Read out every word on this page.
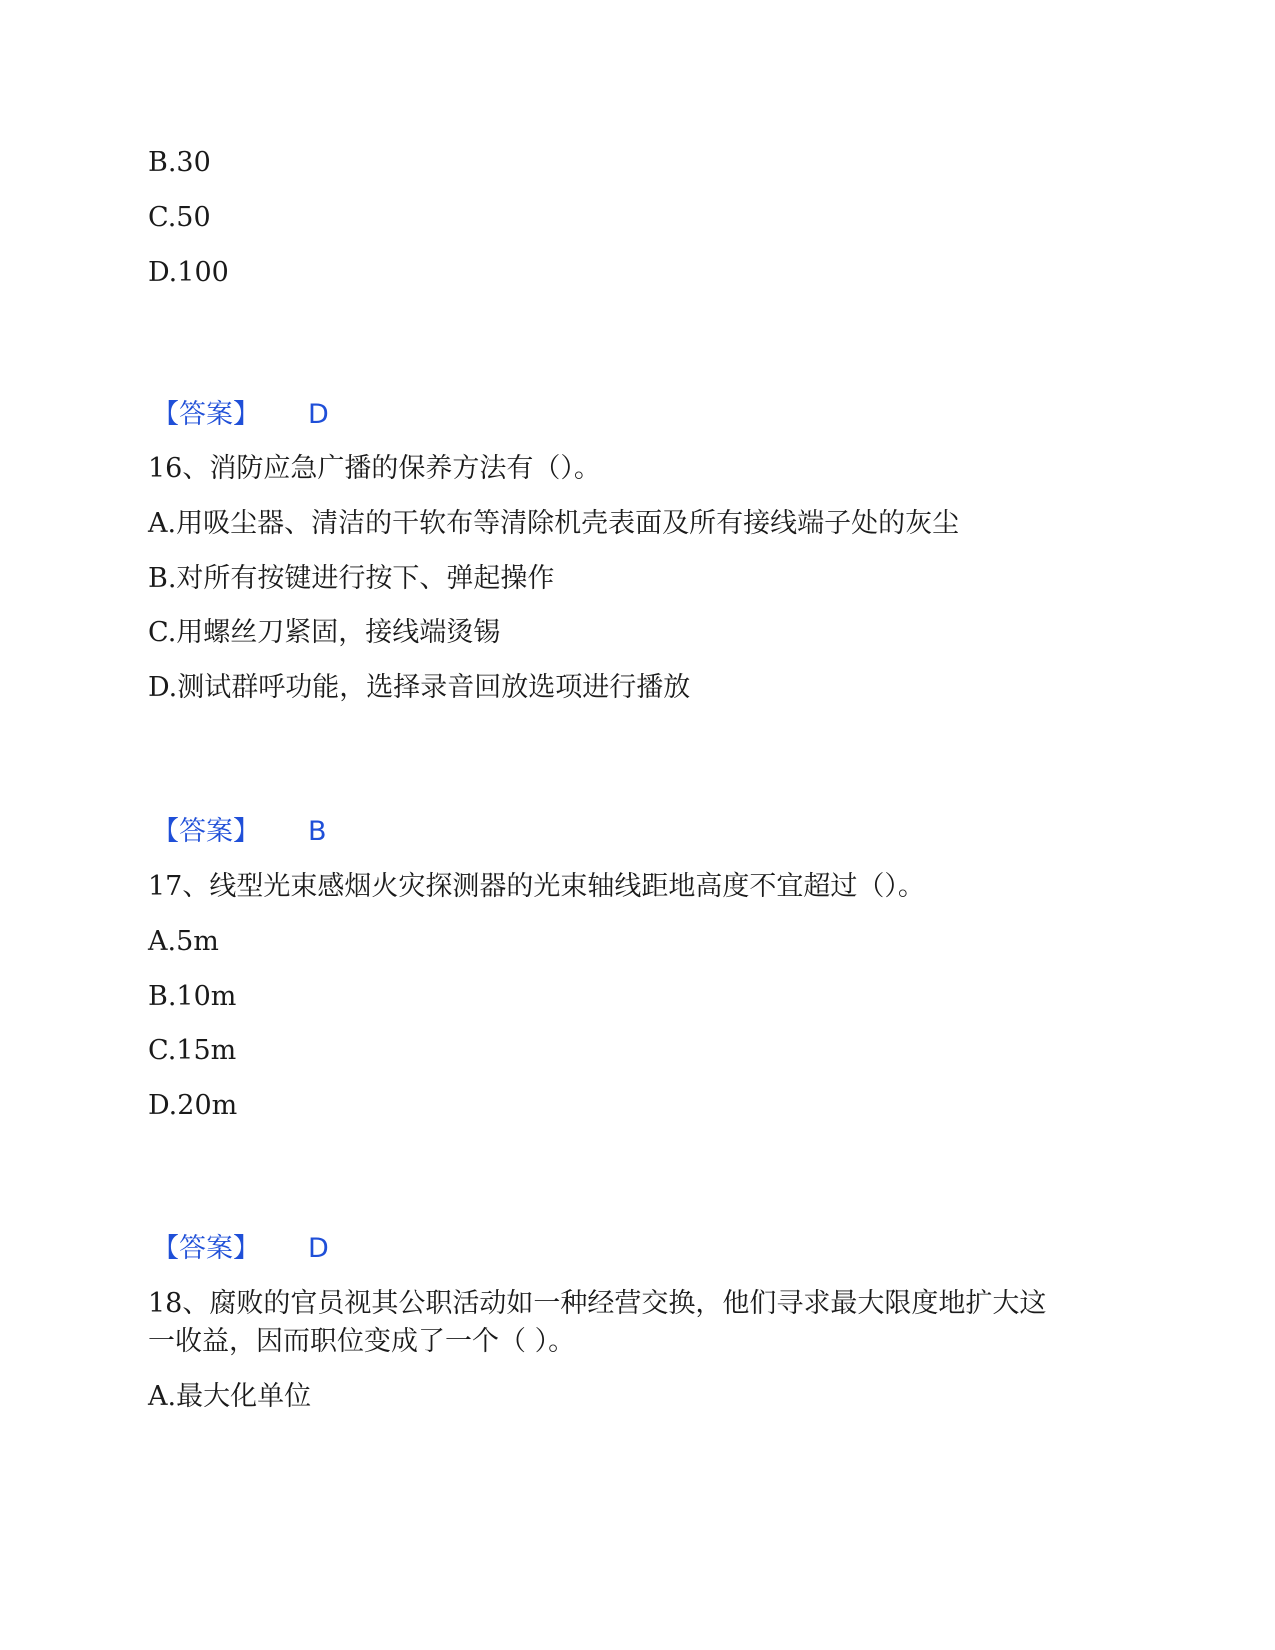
B.30
C.50
D.100
【答案】 D
16、消防应急广播的保养方法有（）。
A.用吸尘器、清洁的干软布等清除机壳表面及所有接线端子处的灰尘
B.对所有按键进行按下、弹起操作
C.用螺丝刀紧固，接线端烫锡
D.测试群呼功能，选择录音回放选项进行播放
【答案】 B
17、线型光束感烟火灾探测器的光束轴线距地高度不宜超过（）。
A.5m
B.10m
C.15m
D.20m
【答案】 D
18、腐败的官员视其公职活动如一种经营交换，他们寻求最大限度地扩大这
一收益，因而职位变成了一个（ ）。
A.最大化单位
